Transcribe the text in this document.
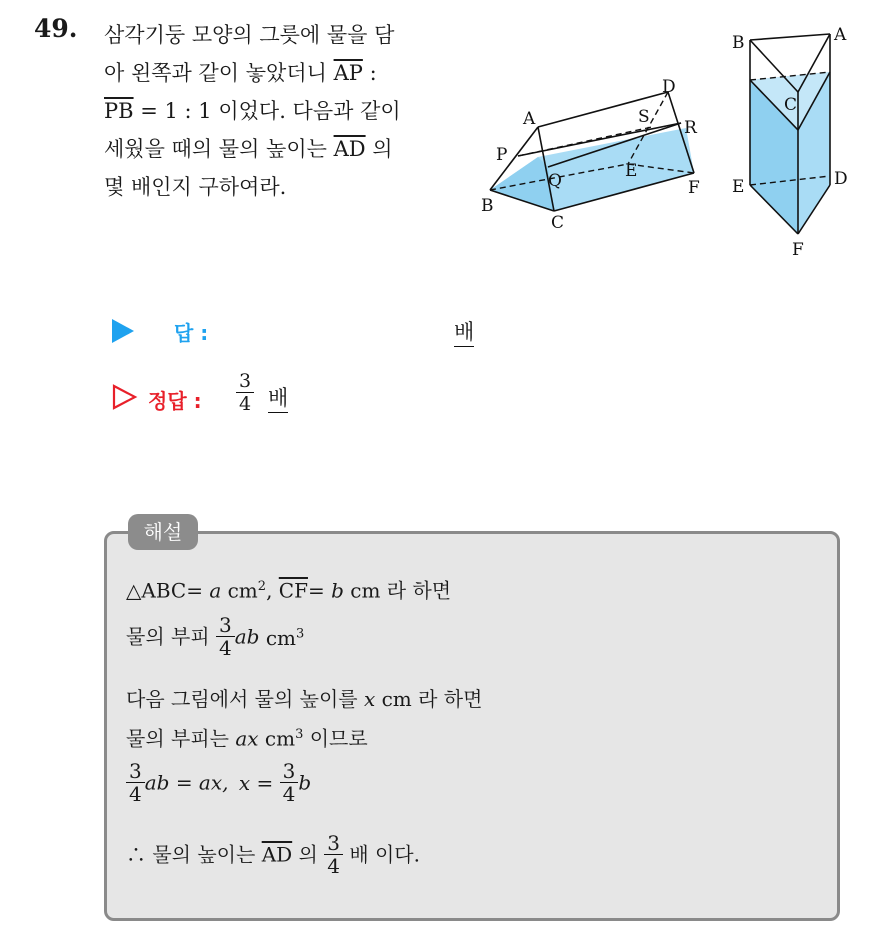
49. 삼각기둥 모양의 그릇에 물을 담
아 왼쪽과 같이 놓았더니 $\overline{AP}$ :
$\overline{PB} = 1$ : 1 이었다. 다음과 같이
세웠을 때의 물의 높이는 $\overline{AD}$ 의
몇 배인지 구하여라.
A
B
C
D
E
F
P
Q
R
S
B	A
C
E	D
F
답 :	배
정답 : $\frac{3}{4}$ 배
해설
△ABC= a $cm^2$, $\overline{CF}= b$ cm 라 하면
물의 부피 $\frac{3}{4}$ ab $cm^3$
다음 그림에서 물의 높이를 x cm 라 하면
물의 부피는 ax $cm^3$ 이므로
$\frac{3}{4}$ ab = ax, $x = \frac{3}{4}$ b
∴ 물의 높이는 $\overline{AD}$ 의 $\frac{3}{4}$ 배 이다.
